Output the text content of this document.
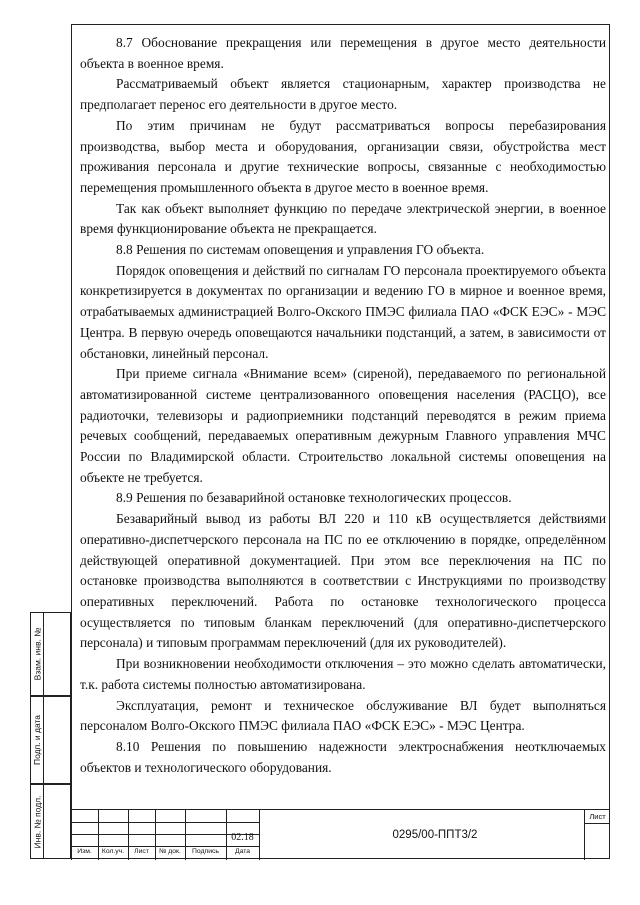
8.7 Обоснование прекращения или перемещения в другое место деятельности объекта в военное время.

Рассматриваемый объект является стационарным, характер производства не предполагает перенос его деятельности в другое место.

По этим причинам не будут рассматриваться вопросы перебазирования производства, выбор места и оборудования, организации связи, обустройства мест проживания персонала и другие технические вопросы, связанные с необходимостью перемещения промышленного объекта в другое место в военное время.

Так как объект выполняет функцию по передаче электрической энергии, в военное время функционирование объекта не прекращается.

8.8 Решения по системам оповещения и управления ГО объекта.

Порядок оповещения и действий по сигналам ГО персонала проектируемого объекта конкретизируется в документах по организации и ведению ГО в мирное и военное время, отрабатываемых администрацией Волго-Окского ПМЭС филиала ПАО «ФСК ЕЭС» - МЭС Центра. В первую очередь оповещаются начальники подстанций, а затем, в зависимости от обстановки, линейный персонал.

При приеме сигнала «Внимание всем» (сиреной), передаваемого по региональной автоматизированной системе централизованного оповещения населения (РАСЦО), все радиоточки, телевизоры и радиоприемники подстанций переводятся в режим приема речевых сообщений, передаваемых оперативным дежурным Главного управления МЧС России по Владимирской области. Строительство локальной системы оповещения на объекте не требуется.

8.9 Решения по безаварийной остановке технологических процессов.

Безаварийный вывод из работы ВЛ 220 и 110 кВ осуществляется действиями оперативно-диспетчерского персонала на ПС по ее отключению в порядке, определённом действующей оперативной документацией. При этом все переключения на ПС по остановке производства выполняются в соответствии с Инструкциями по производству оперативных переключений. Работа по остановке технологического процесса осуществляется по типовым бланкам переключений (для оперативно-диспетчерского персонала) и типовым программам переключений (для их руководителей).

При возникновении необходимости отключения – это можно сделать автоматически, т.к. работа системы полностью автоматизирована.

Эксплуатация, ремонт и техническое обслуживание ВЛ будет выполняться персоналом Волго-Окского ПМЭС филиала ПАО «ФСК ЕЭС» - МЭС Центра.

8.10 Решения по повышению надежности электроснабжения неотключаемых объектов и технологического оборудования.

Взам. инв. №
Подп. и дата
Инв. № подл.	02.18
Изм.	Кол.уч.	Лист	№ док.	Подпись	Дата
0295/00-ППТ3/2
Лист
